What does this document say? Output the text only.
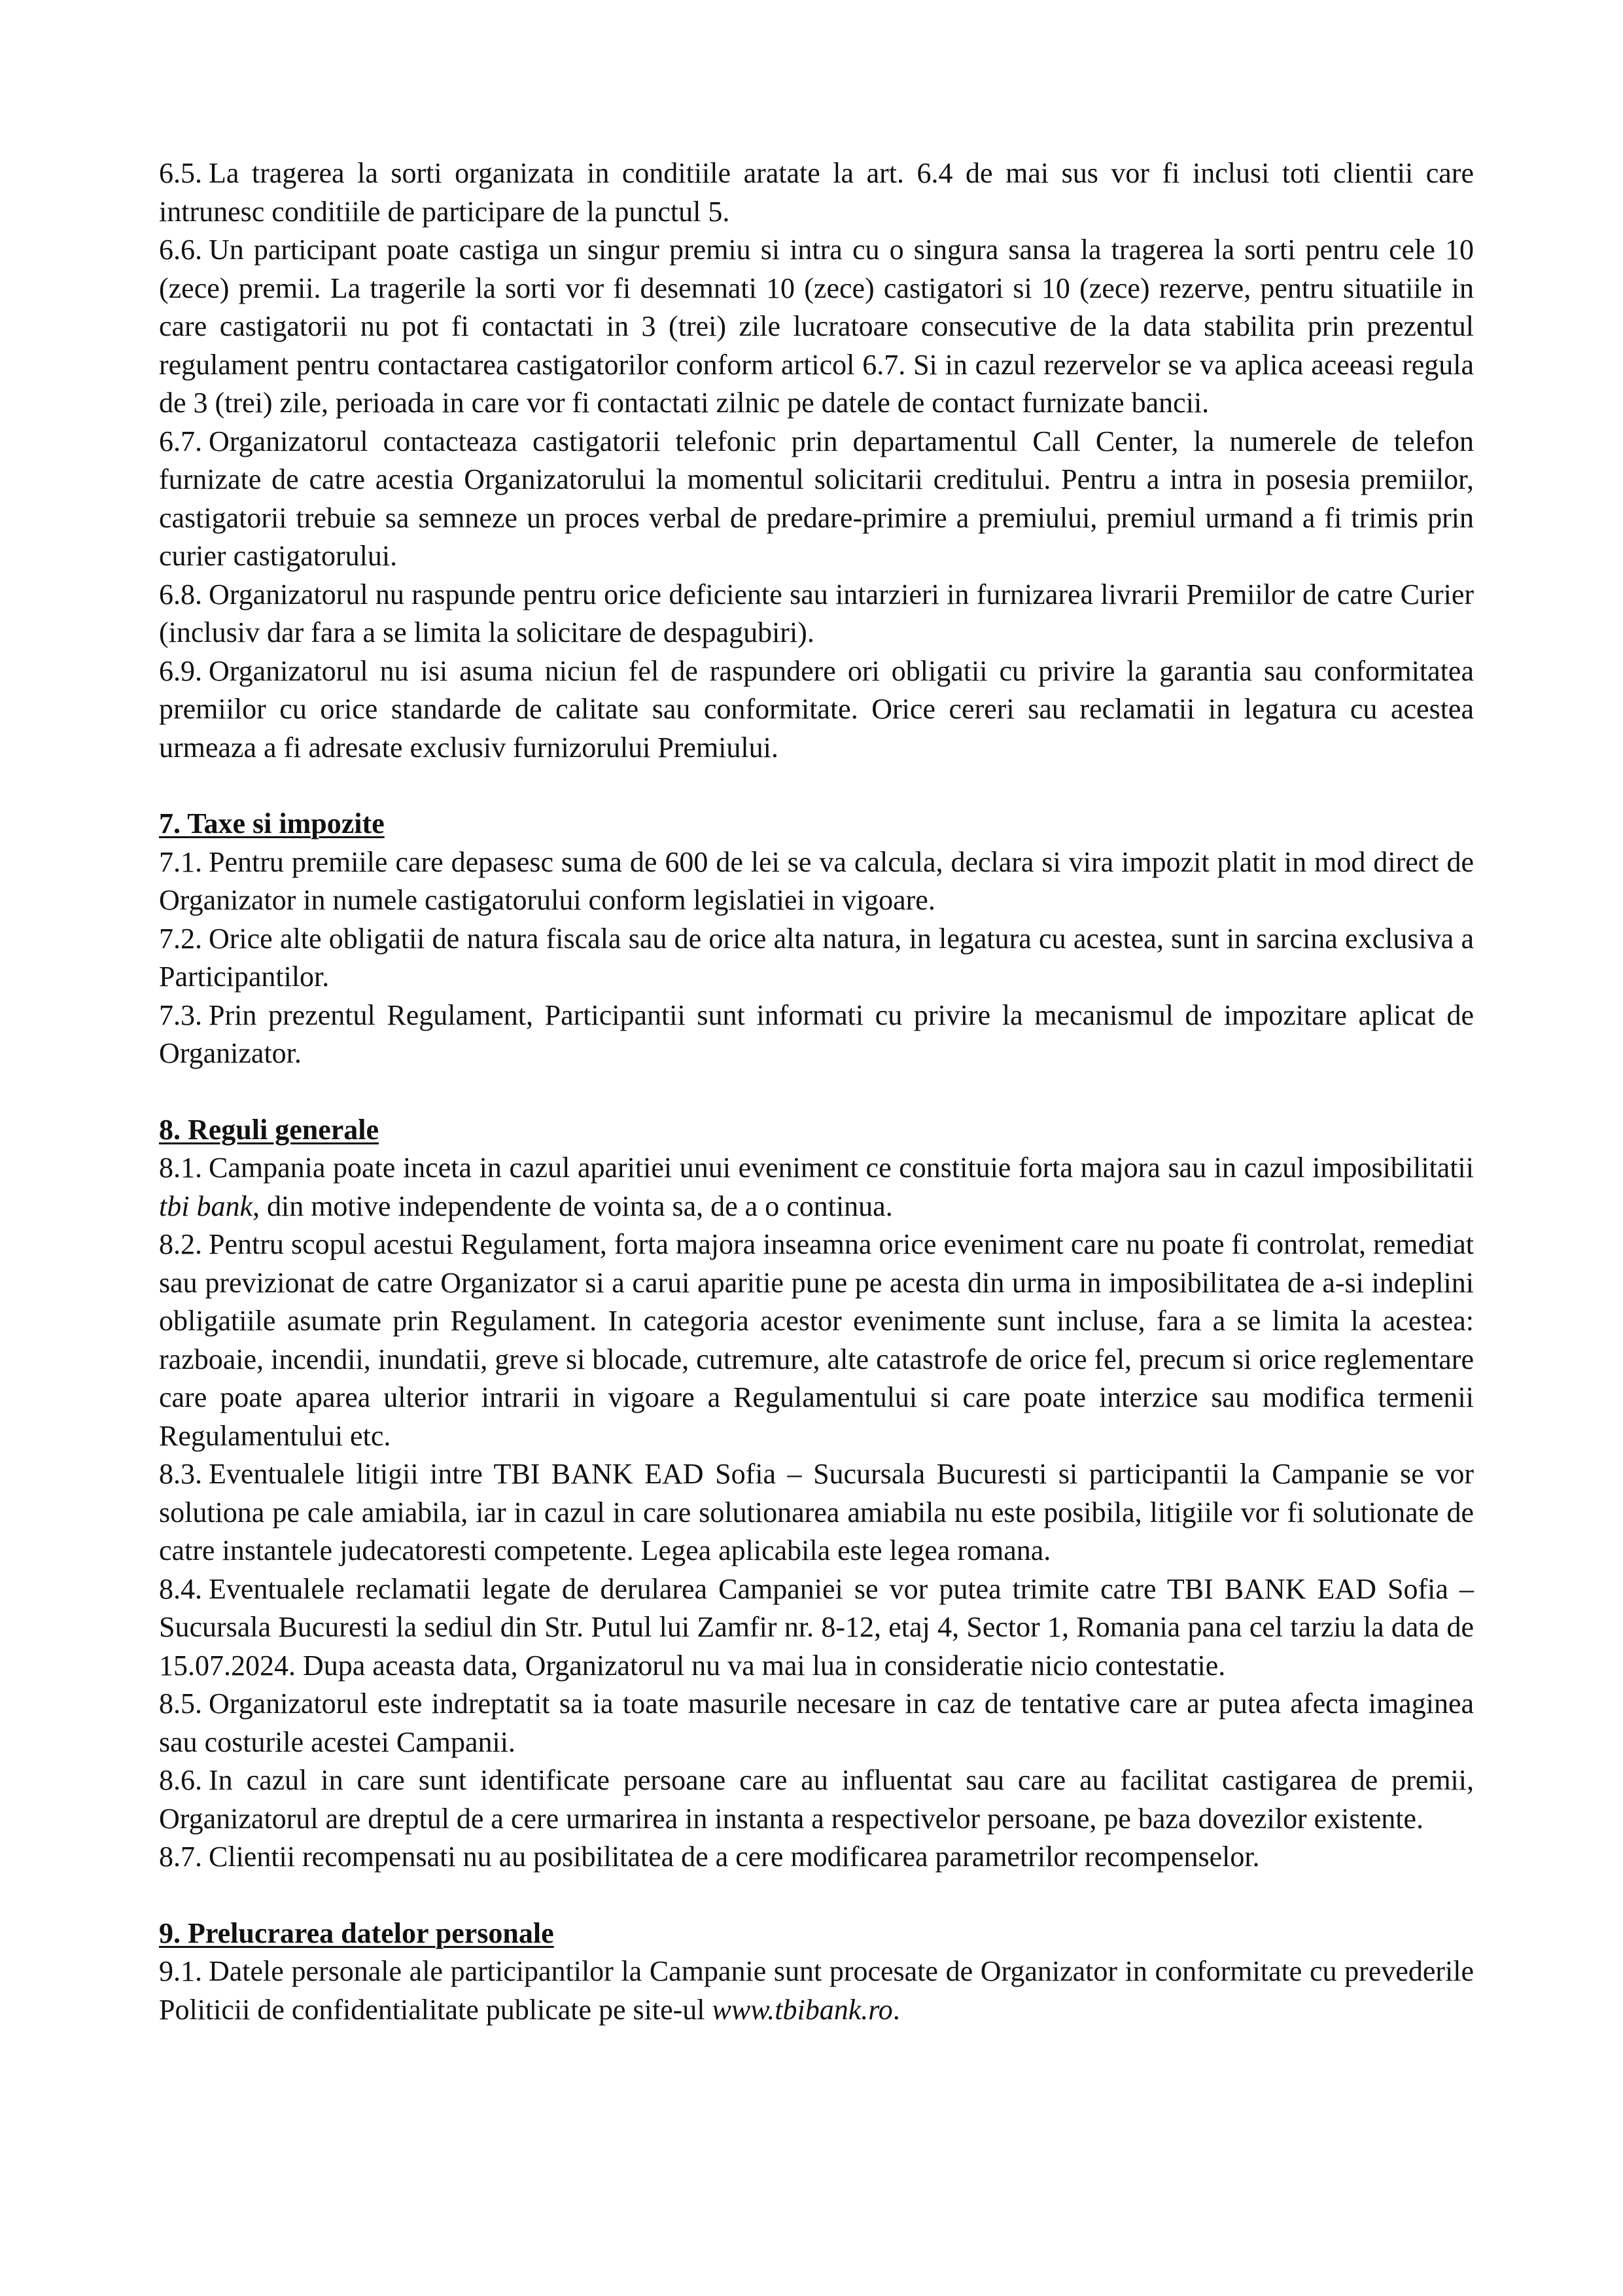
6.5. La tragerea la sorti organizata in conditiile aratate la art. 6.4 de mai sus vor fi inclusi toti clientii care intrunesc conditiile de participare de la punctul 5.

6.6. Un participant poate castiga un singur premiu si intra cu o singura sansa la tragerea la sorti pentru cele 10 (zece) premii. La tragerile la sorti vor fi desemnati 10 (zece) castigatori si 10 (zece) rezerve, pentru situatiile in care castigatorii nu pot fi contactati in 3 (trei) zile lucratoare consecutive de la data stabilita prin prezentul regulament pentru contactarea castigatorilor conform articol 6.7. Si in cazul rezervelor se va aplica aceeasi regula de 3 (trei) zile, perioada in care vor fi contactati zilnic pe datele de contact furnizate bancii.

6.7. Organizatorul contacteaza castigatorii telefonic prin departamentul Call Center, la numerele de telefon furnizate de catre acestia Organizatorului la momentul solicitarii creditului. Pentru a intra in posesia premiilor, castigatorii trebuie sa semneze un proces verbal de predare-primire a premiului, premiul urmand a fi trimis prin curier castigatorului.

6.8. Organizatorul nu raspunde pentru orice deficiente sau intarzieri in furnizarea livrarii Premiilor de catre Curier (inclusiv dar fara a se limita la solicitare de despagubiri).

6.9. Organizatorul nu isi asuma niciun fel de raspundere ori obligatii cu privire la garantia sau conformitatea premiilor cu orice standarde de calitate sau conformitate. Orice cereri sau reclamatii in legatura cu acestea urmeaza a fi adresate exclusiv furnizorului Premiului.

7. Taxe si impozite

7.1. Pentru premiile care depasesc suma de 600 de lei se va calcula, declara si vira impozit platit in mod direct de Organizator in numele castigatorului conform legislatiei in vigoare.

7.2. Orice alte obligatii de natura fiscala sau de orice alta natura, in legatura cu acestea, sunt in sarcina exclusiva a Participantilor.

7.3. Prin prezentul Regulament, Participantii sunt informati cu privire la mecanismul de impozitare aplicat de Organizator.

8. Reguli generale

8.1. Campania poate inceta in cazul aparitiei unui eveniment ce constituie forta majora sau in cazul imposibilitatii tbi bank, din motive independente de vointa sa, de a o continua.

8.2. Pentru scopul acestui Regulament, forta majora inseamna orice eveniment care nu poate fi controlat, remediat sau previzionat de catre Organizator si a carui aparitie pune pe acesta din urma in imposibilitatea de a-si indeplini obligatiile asumate prin Regulament. In categoria acestor evenimente sunt incluse, fara a se limita la acestea: razboaie, incendii, inundatii, greve si blocade, cutremure, alte catastrofe de orice fel, precum si orice reglementare care poate aparea ulterior intrarii in vigoare a Regulamentului si care poate interzice sau modifica termenii Regulamentului etc.

8.3. Eventualele litigii intre TBI BANK EAD Sofia – Sucursala Bucuresti si participantii la Campanie se vor solutiona pe cale amiabila, iar in cazul in care solutionarea amiabila nu este posibila, litigiile vor fi solutionate de catre instantele judecatoresti competente. Legea aplicabila este legea romana.

8.4. Eventualele reclamatii legate de derularea Campaniei se vor putea trimite catre TBI BANK EAD Sofia – Sucursala Bucuresti la sediul din Str. Putul lui Zamfir nr. 8-12, etaj 4, Sector 1, Romania pana cel tarziu la data de 15.07.2024. Dupa aceasta data, Organizatorul nu va mai lua in consideratie nicio contestatie.

8.5. Organizatorul este indreptatit sa ia toate masurile necesare in caz de tentative care ar putea afecta imaginea sau costurile acestei Campanii.

8.6. In cazul in care sunt identificate persoane care au influentat sau care au facilitat castigarea de premii, Organizatorul are dreptul de a cere urmarirea in instanta a respectivelor persoane, pe baza dovezilor existente.

8.7. Clientii recompensati nu au posibilitatea de a cere modificarea parametrilor recompenselor.

9. Prelucrarea datelor personale

9.1. Datele personale ale participantilor la Campanie sunt procesate de Organizator in conformitate cu prevederile Politicii de confidentialitate publicate pe site-ul www.tbibank.ro.
